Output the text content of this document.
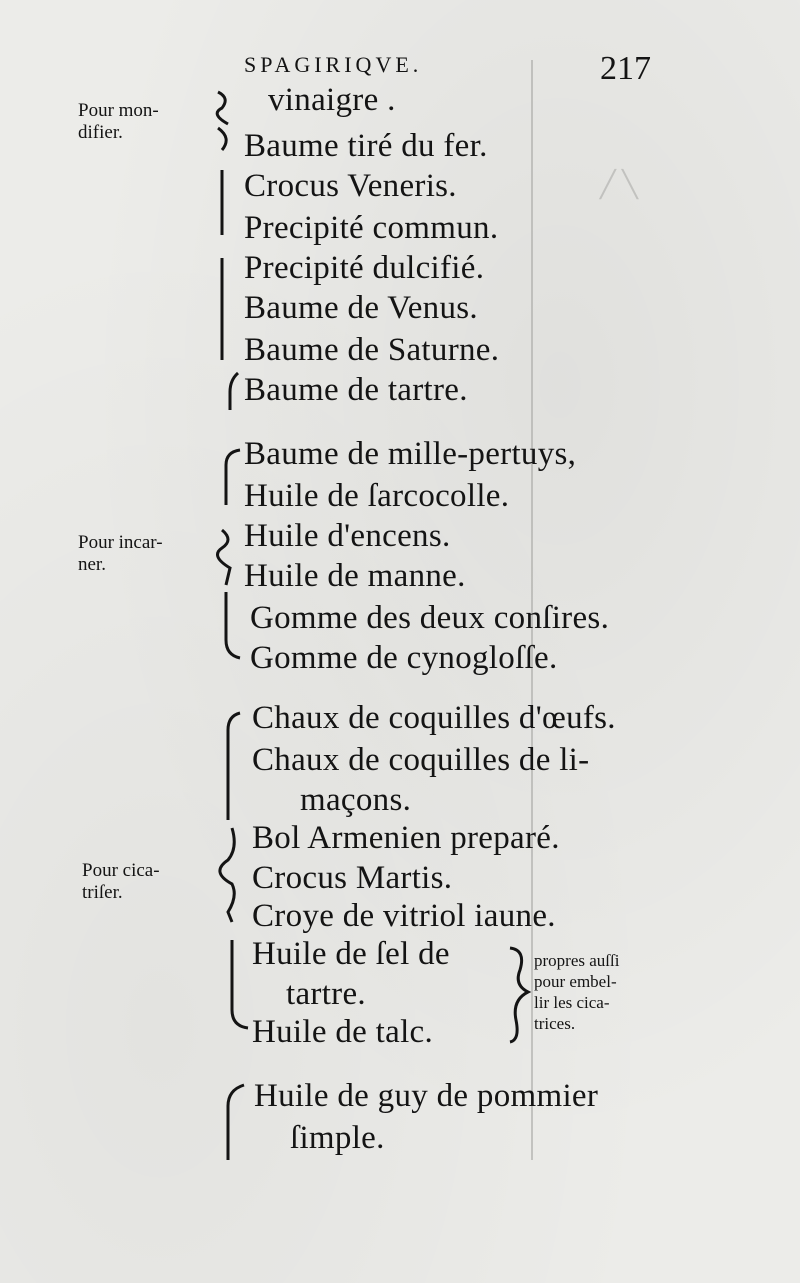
╱ ╲
SPAGIRIQVE.	217
Pour mon-
difier.
vinaigre .
Baume tiré du fer.
Crocus Veneris.
Precipité commun.
Precipité dulcifié.
Baume de Venus.
Baume de Saturne.
Baume de tartre.
Pour incar-
ner.
Baume de mille-pertuys,
Huile de ſarcocolle.
Huile d'encens.
Huile de manne.
Gomme des deux conſires.
Gomme de cynogloſſe.
Pour cica-
triſer.
Chaux de coquilles d'œufs.
Chaux de coquilles de li-
maçons.
Bol Armenien preparé.
Crocus Martis.
Croye de vitriol iaune.
Huile de ſel de
tartre.
Huile de talc.
propres auſſi
pour embel-
lir les cica-
trices.
Huile de guy de pommier
ſimple.
